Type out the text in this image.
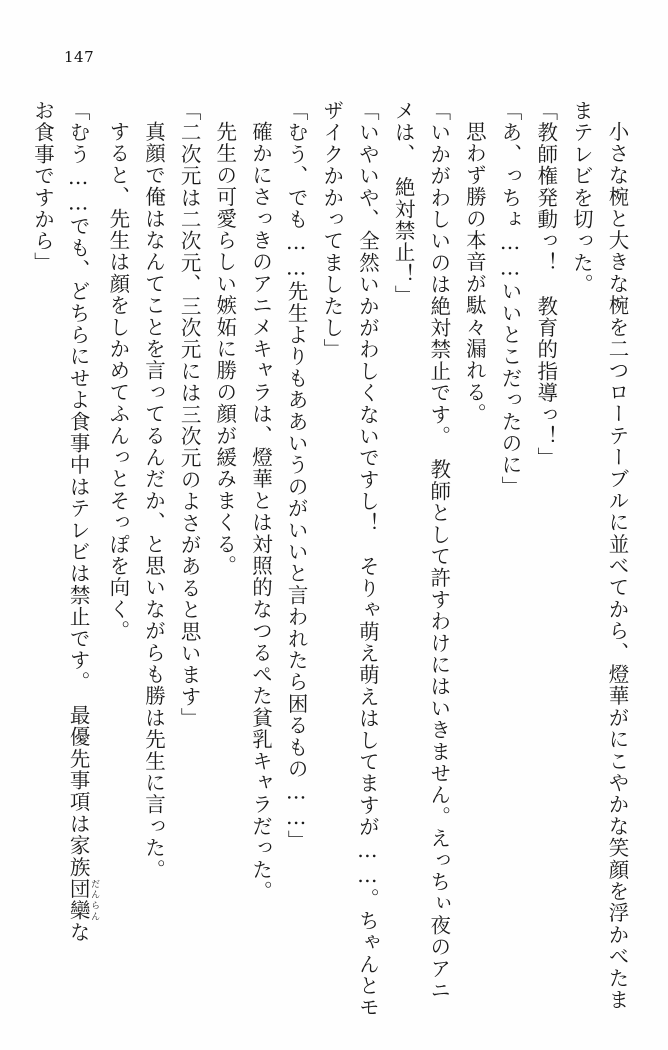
147

小さな椀と大きな椀を二つローテーブルに並べてから、燈華がにこやかな笑顔を浮かべたままテレビを切った。

「教師権発動っ！　教育的指導っ！」

「あ、っちょ……いいとこだったのに」

思わず勝の本音が駄々漏れる。

「いかがわしいのは絶対禁止です。　教師として許すわけにはいきません。えっちぃ夜のアニメは、　絶対禁止！」

「いやいや、全然いかがわしくないですし！　そりゃ萌え萌えはしてますが……。ちゃんとモザイクかかってましたし」

「むう、でも……先生よりもああいうのがいいと言われたら困るもの……」

確かにさっきのアニメキャラは、燈華とは対照的なつるぺた貧乳キャラだった。

先生の可愛らしい嫉妬に勝の顔が緩みまくる。

「二次元は二次元、三次元には三次元のよさがあると思います」

真顔で俺はなんてことを言ってるんだか、と思いながらも勝は先生に言った。

すると、先生は顔をしかめてふんっとそっぽを向く。

「むう……でも、どちらにせよ食事中はテレビは禁止です。　最優先事項は家族団欒 だんらんな

お食事ですから」
